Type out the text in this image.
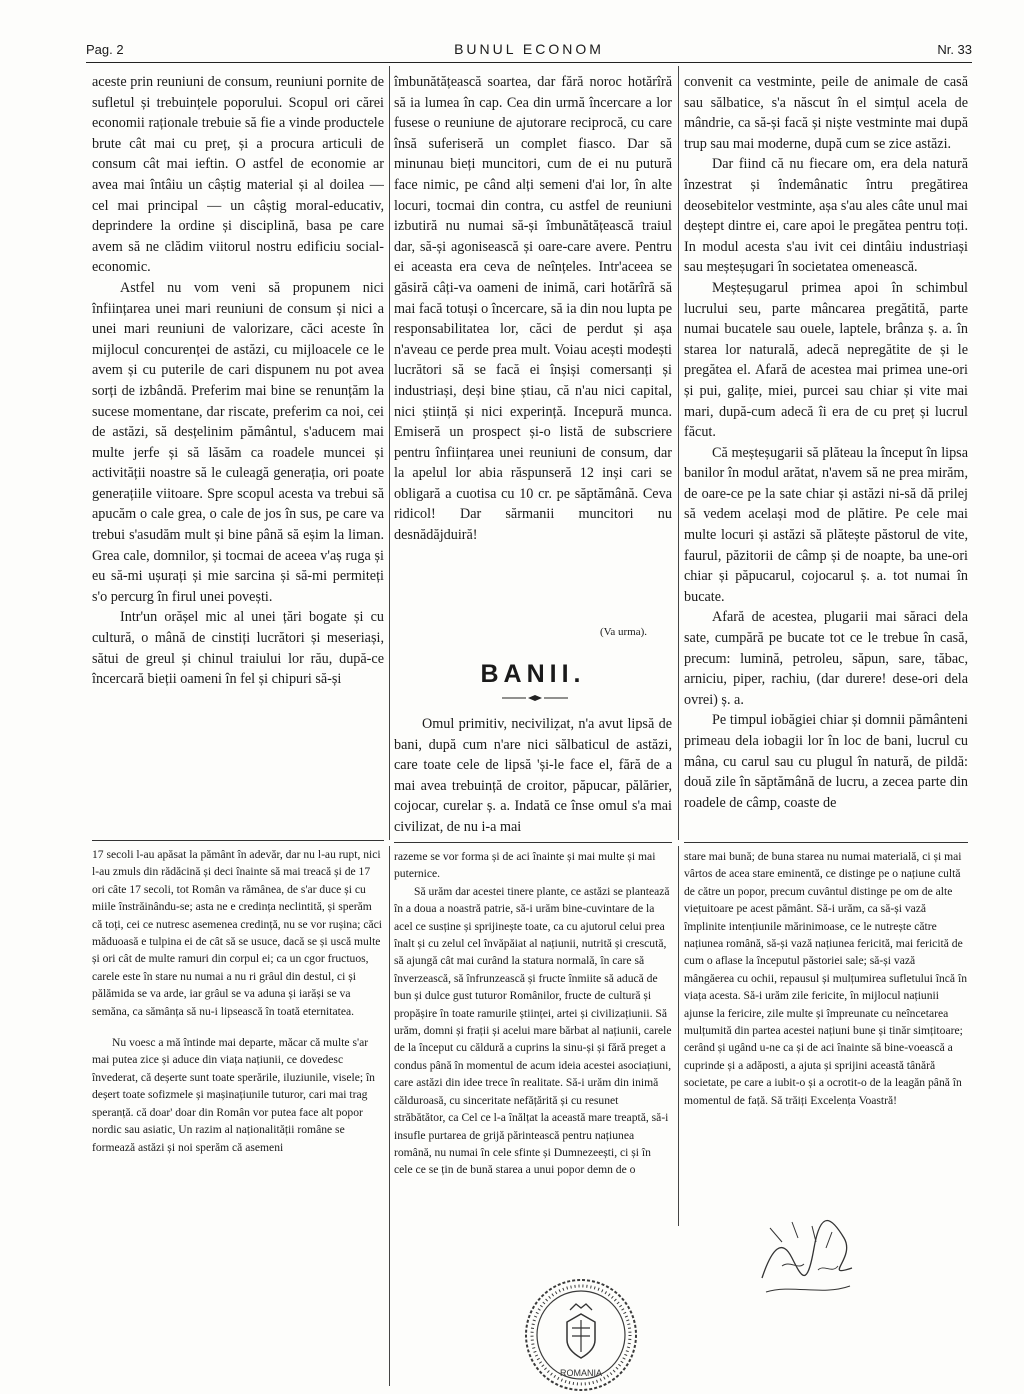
Pag. 2	BUNUL ECONOM	Nr. 33

aceste prin reuniuni de consum, reuniuni pornite de sufletul și trebuințele poporului. Scopul ori cărei economii raționale trebuie să fie a vinde productele brute cât mai cu preț, și a procura articuli de consum cât mai ieftin. O astfel de economie ar avea mai întâiu un câștig material și al doilea — cel mai principal — un câștig moral-educativ, deprindere la ordine și disciplină, basa pe care avem să ne clădim viitorul nostru edificiu social-economic.

Astfel nu vom veni să propunem nici înființarea unei mari reuniuni de consum și nici a unei mari reuniuni de valorizare, căci aceste în mijlocul concurenței de astăzi, cu mijloacele ce le avem și cu puterile de cari dispunem nu pot avea sorți de izbândă. Preferim mai bine se renunțăm la sucese momentane, dar riscate, preferim ca noi, cei de astăzi, să desțelinim pământul, s'aducem mai multe jerfe și să lăsăm ca roadele muncei și activității noastre să le culeagă generația, ori poate generațiile viitoare. Spre scopul acesta va trebui să apucăm o cale grea, o cale de jos în sus, pe care va trebui s'asudăm mult și bine până să eșim la liman. Grea cale, domnilor, și tocmai de aceea v'aș ruga și eu să-mi ușurați și mie sarcina și să-mi permiteți s'o percurg în firul unei povești.

Intr'un orășel mic al unei țări bogate și cu cultură, o mână de cinstiți lucrători și meseriași, sătui de greul și chinul traiului lor rău, după-ce încercară bieții oameni în fel și chipuri să-și

îmbunătățească soartea, dar fără noroc hotărîră să ia lumea în cap. Cea din urmă încercare a lor fusese o reuniune de ajutorare reciprocă, cu care însă suferiseră un complet fiasco. Dar să minunau bieți muncitori, cum de ei nu putură face nimic, pe când alți semeni d'ai lor, în alte locuri, tocmai din contra, cu astfel de reuniuni izbutiră nu numai să-și îmbunătățească traiul dar, să-și agonisească și oare-care avere. Pentru ei aceasta era ceva de neînțeles. Intr'aceea se găsiră câți-va oameni de inimă, cari hotărîră să mai facă totuși o încercare, să ia din nou lupta pe responsabilitatea lor, căci de perdut și așa n'aveau ce perde prea mult. Voiau acești modești lucrători să se facă ei înșiși comersanți și industriași, deși bine știau, că n'au nici capital, nici știință și nici experință. Incepură munca. Emiseră un prospect și-o listă de subscriere pentru înființarea unei reuniuni de consum, dar la apelul lor abia răspunseră 12 inși cari se obligară a cuotisa cu 10 cr. pe săptămână. Ceva ridicol! Dar sărmanii muncitori nu desnădăjduiră!

(Va urma).
BANII.

Omul primitiv, neciviliẓat, n'a avut lipsă de bani, după cum n'are nici sălbaticul de astăzi, care toate cele de lipsă 'și-le face el, fără de a mai avea trebuință de croitor, păpucar, pălărier, cojocar, curelar ș. a. Indată ce înse omul s'a mai civilizat, de nu i-a mai

convenit ca vestminte, peile de animale de casă sau sălbatice, s'a născut în el simțul acela de mândrie, ca să-și facă și niște vestminte mai după trup sau mai moderne, după cum se zice astăzi.

Dar fiind că nu fiecare om, era dela natură înzestrat și îndemânatic întru pregătirea deosebitelor vestminte, așa s'au ales câte unul mai deștept dintre ei, care apoi le pregătea pentru toți. In modul acesta s'au ivit cei dintâiu industriași sau meșteșugari în societatea omenească.

Meșteșugarul primea apoi în schimbul lucrului seu, parte mâncarea pregătită, parte numai bucatele sau ouele, laptele, brânza ș. a. în starea lor naturală, adecă nepregătite de și le pregătea el. Afară de acestea mai primea une-ori și pui, galițe, miei, purcei sau chiar și vite mai mari, după-cum adecă îi era de cu preț și lucrul făcut.

Că meșteșugarii să plăteau la început în lipsa banilor în modul arătat, n'avem să ne prea mirăm, de oare-ce pe la sate chiar și astăzi ni-să dă prilej să vedem același mod de plătire. Pe cele mai multe locuri și astăzi să plătește păstorul de vite, faurul, păzitorii de câmp și de noapte, ba une-ori chiar și păpucarul, cojocarul ș. a. tot numai în bucate.

Afară de acestea, plugarii mai săraci dela sate, cumpără pe bucate tot ce le trebue în casă, precum: lumină, petroleu, săpun, sare, tăbac, arniciu, piper, rachiu, (dar durere! dese-ori dela ovrei) ș. a.

Pe timpul iobăgiei chiar și domnii pământeni primeau dela iobagii lor în loc de bani, lucrul cu mâna, cu carul sau cu plugul în natură, de pildă: două zile în săptămână de lucru, a zecea parte din roadele de câmp, coaste de

17 secoli l-au apăsat la pământ în adevăr, dar nu l-au rupt, nici l-au zmuls din rădăcină și deci înainte să mai treacă și de 17 ori câte 17 secoli, tot Român va rămânea, de s'ar duce și cu miile înstrăinându-se; asta ne e credința neclintită, și sperăm că toți, cei ce nutresc asemenea credință, nu se vor rușina; căci măduoasă e tulpina ei de cât să se usuce, dacă se și uscă multe și ori cât de multe ramuri din corpul ei; ca un cgor fructuos, carele este în stare nu numai a nu ri grâul din destul, ci și pălămida se va arde, iar grâul se va aduna și iarăși se va semăna, ca sămânța să nu-i lipsească în toată eternitatea.

Nu voesc a mă întinde mai departe, măcar că multe s'ar mai putea zice și aduce din viața națiunii, ce dovedesc învederat, că deșerte sunt toate sperările, iluziunile, visele; în deșert toate sofizmele și mașinațiunile tuturor, cari mai trag speranță. că doar' doar din Român vor putea face alt popor nordic sau asiatic, Un razim al naționalității române se formează astăzi și noi sperăm că asemeni

razeme se vor forma și de aci înainte și mai multe și mai puternice.

Să urăm dar acestei tinere plante, ce astăzi se plantează în a doua a noastră patrie, să-i urăm bine-cuvintare de la acel ce susține și sprijinește toate, ca cu ajutorul celui prea înalt și cu zelul cel învăpăiat al națiunii, nutrită și crescută, să ajungă cât mai curând la statura normală, în care să înverzească, să înfrunzească și fructe înmiite să aducă de bun și dulce gust tuturor Românilor, fructe de cultură și propășire în toate ramurile științei, artei și civilizațiunii. Să urăm, domni și frații și acelui mare bărbat al națiunii, carele de la început cu căldură a cuprins la sinu-și și fără preget a condus până în momentul de acum ideia acestei asociațiuni, care astăzi din idee trece în realitate. Să-i urăm din inimă călduroasă, cu sinceritate nefățărită și cu resunet străbătător, ca Cel ce l-a înălțat la această mare treaptă, să-i insufle purtarea de grijă părintească pentru națiunea română, nu numai în cele sfinte și Dumnezeești, ci și în cele ce se țin de bună starea a unui popor demn de o

stare mai bună; de buna starea nu numai materială, ci și mai vârtos de acea stare eminentă, ce distinge pe o națiune cultă de către un popor, precum cuvântul distinge pe om de alte viețuitoare pe acest pământ. Să-i urăm, ca să-și vază împlinite intențiunile mărinimoase, ce le nutrește către națiunea română, să-și vază națiunea fericită, mai fericită de cum o aflase la începutul păstoriei sale; să-și vază mângăerea cu ochii, repausul și mulțumirea sufletului încă în viața acesta. Să-i urăm zile fericite, în mijlocul națiunii ajunse la fericire, zile multe și împreunate cu neîncetarea mulțumită din partea acestei națiuni bune și tinăr simțitoare; cerând și ugând u-ne ca și de aci înainte să bine-voească a cuprinde și a adăposti, a ajuta și sprijini această tânără societate, pe care a iubit-o și a ocrotit-o de la leagăn până în momentul de față. Să trăiți Excelența Voastră!

ROMANIA
